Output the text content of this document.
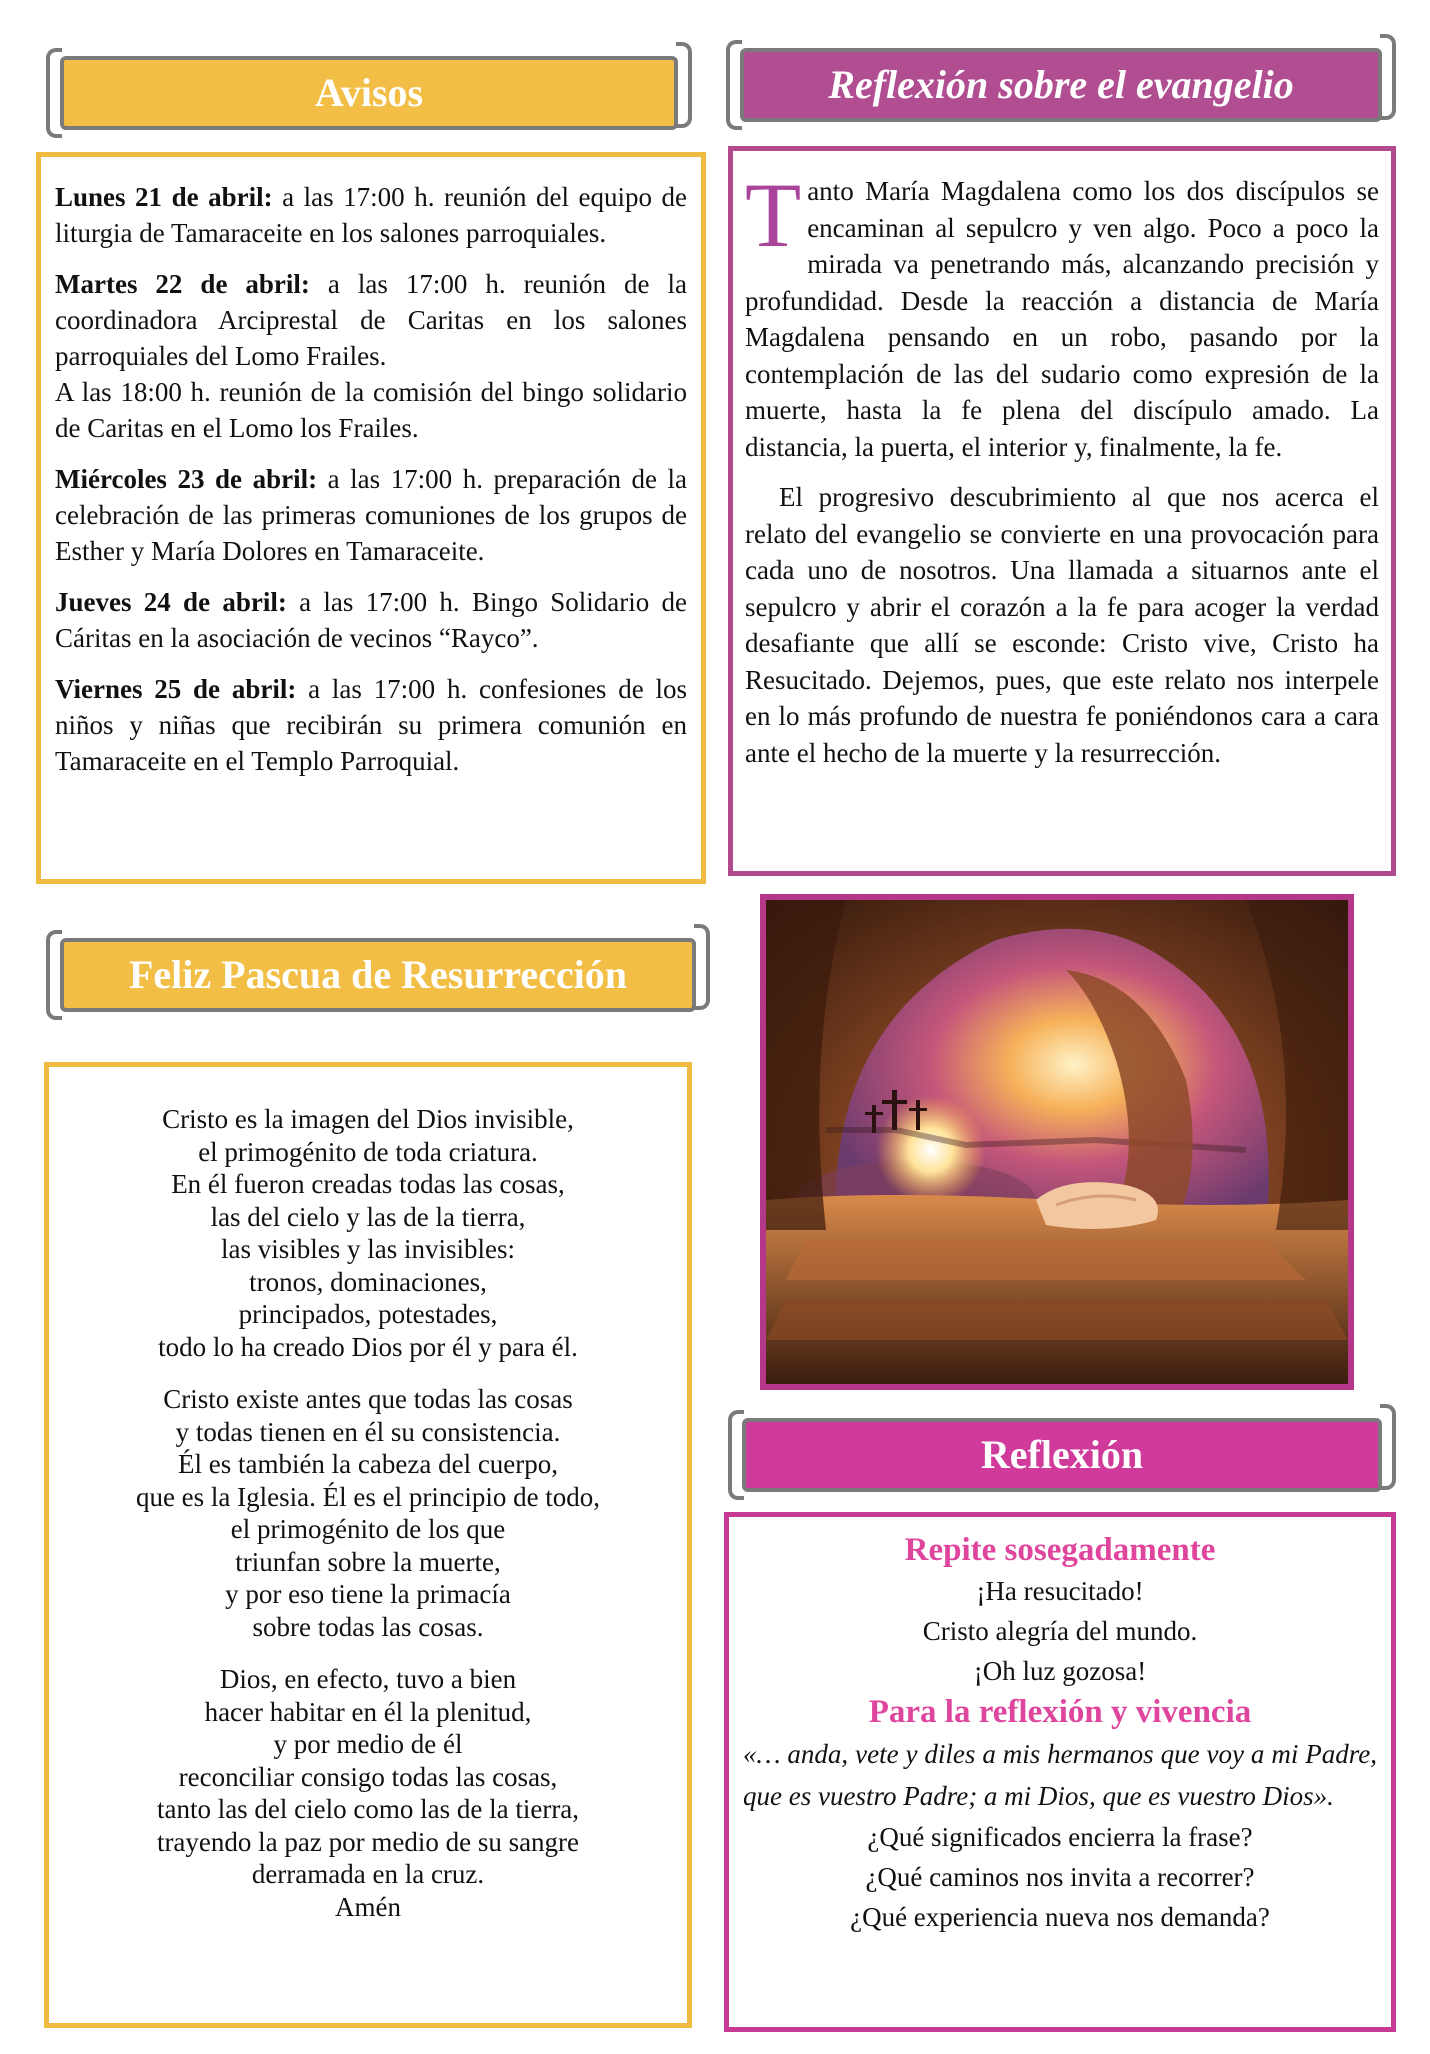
Avisos

Lunes 21 de abril: a las 17:00 h. reunión del equipo de liturgia de Tamaraceite en los salones parroquiales.

Martes 22 de abril: a las 17:00 h. reunión de la coordinadora Arciprestal de Caritas en los salones parroquiales del Lomo Frailes.
A las 18:00 h. reunión de la comisión del bingo solidario de Caritas en el Lomo los Frailes.

Miércoles 23 de abril: a las 17:00 h. preparación de la celebración de las primeras comuniones de los grupos de Esther y María Dolores en Tamaraceite.

Jueves 24 de abril: a las 17:00 h. Bingo Solidario de Cáritas en la asociación de vecinos “Rayco”.

Viernes 25 de abril: a las 17:00 h. confesiones de los niños y niñas que recibirán su primera comunión en Tamaraceite en el Templo Parroquial.

Reflexión sobre el evangelio

Tanto María Magdalena como los dos discípulos se encaminan al sepulcro y ven algo. Poco a poco la mirada va penetrando más, alcanzando precisión y profundidad. Desde la reacción a distancia de María Magdalena pensando en un robo, pasando por la contemplación de las del sudario como expresión de la muerte, hasta la fe plena del discípulo amado. La distancia, la puerta, el interior y, finalmente, la fe.

El progresivo descubrimiento al que nos acerca el relato del evangelio se convierte en una provocación para cada uno de nosotros. Una llamada a situarnos ante el sepulcro y abrir el corazón a la fe para acoger la verdad desafiante que allí se esconde: Cristo vive, Cristo ha Resucitado. Dejemos, pues, que este relato nos interpele en lo más profundo de nuestra fe poniéndonos cara a cara ante el hecho de la muerte y la resurrección.

Feliz Pascua de Resurrección
Cristo es la imagen del Dios invisible,
el primogénito de toda criatura.
En él fueron creadas todas las cosas,
las del cielo y las de la tierra,
las visibles y las invisibles:
tronos, dominaciones,
principados, potestades,
todo lo ha creado Dios por él y para él.
Cristo existe antes que todas las cosas
y todas tienen en él su consistencia.
Él es también la cabeza del cuerpo,
que es la Iglesia. Él es el principio de todo,
el primogénito de los que
triunfan sobre la muerte,
y por eso tiene la primacía
sobre todas las cosas.
Dios, en efecto, tuvo a bien
hacer habitar en él la plenitud,
y por medio de él
reconciliar consigo todas las cosas,
tanto las del cielo como las de la tierra,
trayendo la paz por medio de su sangre
derramada en la cruz.
Amén
Reflexión
Repite sosegadamente
¡Ha resucitado!
Cristo alegría del mundo.
¡Oh luz gozosa!
Para la reflexión y vivencia
«… anda, vete y diles a mis hermanos que voy a mi Padre, que es vuestro Padre; a mi Dios, que es vuestro Dios».
¿Qué significados encierra la frase?
¿Qué caminos nos invita a recorrer?
¿Qué experiencia nueva nos demanda?
